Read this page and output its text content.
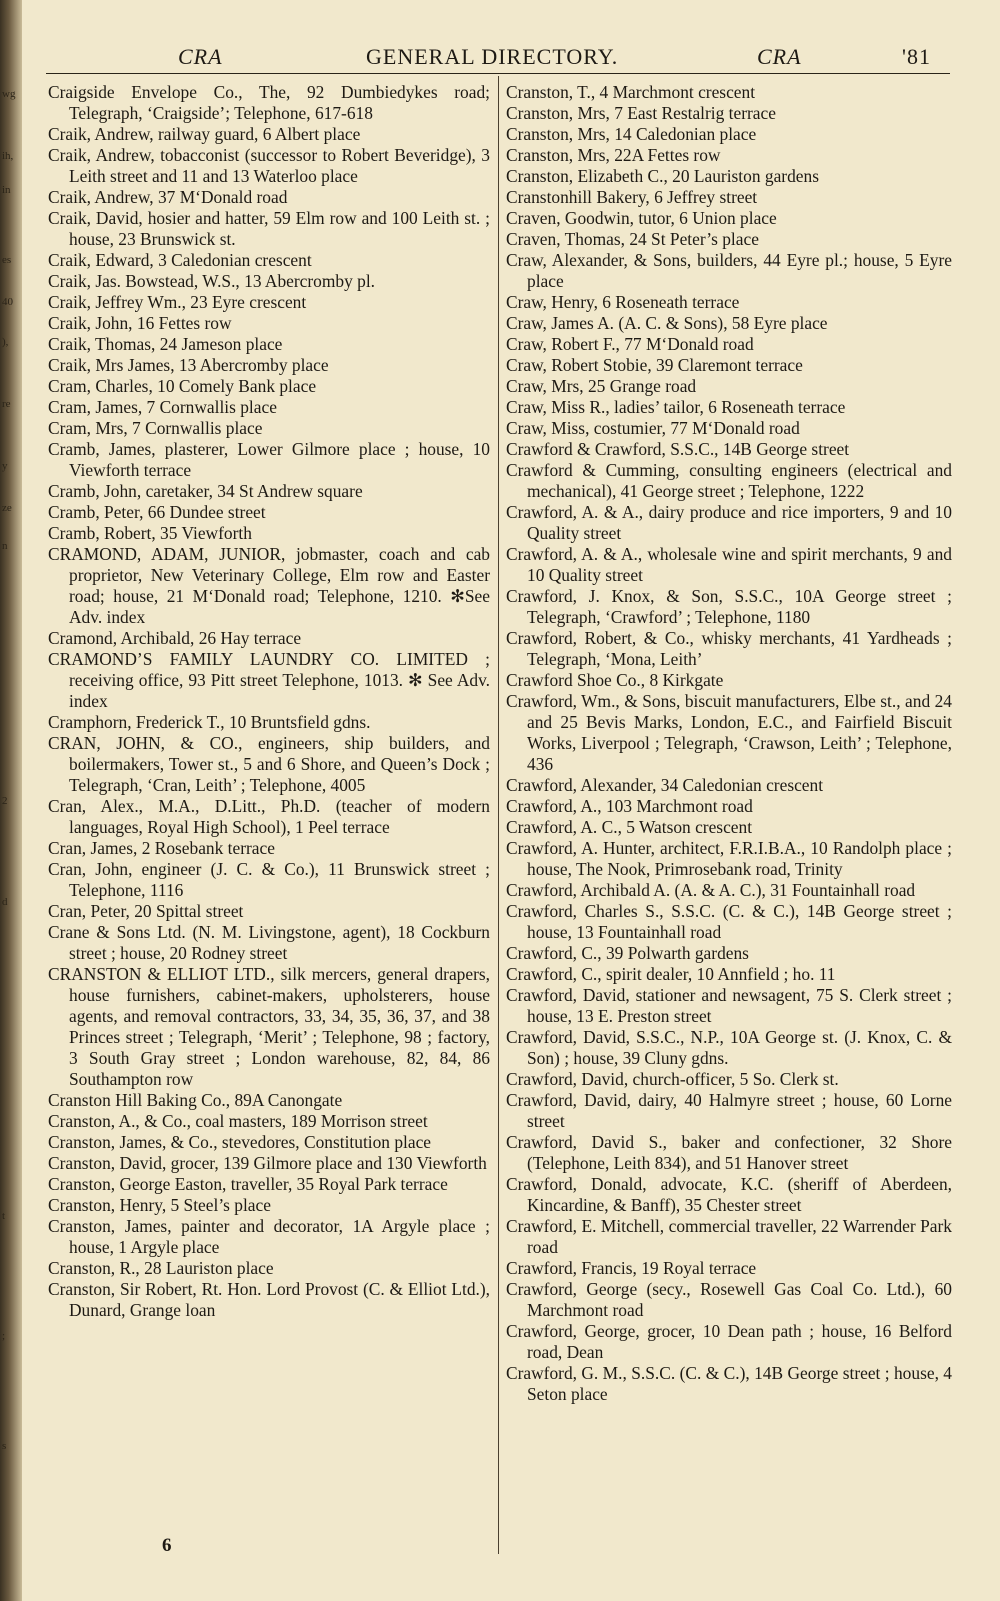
wg
ih,
in
es
40
),
re
y
ze
n
2
d
t
;
s
CRA	GENERAL DIRECTORY.	CRA	'81

Craigside Envelope Co., The, 92 Dumbiedykes road; Telegraph, ‘Craigside’; Telephone, 617-618

Craik, Andrew, railway guard, 6 Albert place

Craik, Andrew, tobacconist (successor to Robert Beveridge), 3 Leith street and 11 and 13 Waterloo place

Craik, Andrew, 37 M‘Donald road

Craik, David, hosier and hatter, 59 Elm row and 100 Leith st. ; house, 23 Brunswick st.

Craik, Edward, 3 Caledonian crescent

Craik, Jas. Bowstead, W.S., 13 Abercromby pl.

Craik, Jeffrey Wm., 23 Eyre crescent

Craik, John, 16 Fettes row

Craik, Thomas, 24 Jameson place

Craik, Mrs James, 13 Abercromby place

Cram, Charles, 10 Comely Bank place

Cram, James, 7 Cornwallis place

Cram, Mrs, 7 Cornwallis place

Cramb, James, plasterer, Lower Gilmore place ; house, 10 Viewforth terrace

Cramb, John, caretaker, 34 St Andrew square

Cramb, Peter, 66 Dundee street

Cramb, Robert, 35 Viewforth

CRAMOND, ADAM, JUNIOR, jobmaster, coach and cab proprietor, New Veterinary College, Elm row and Easter road; house, 21 M‘Donald road; Telephone, 1210. ✻See Adv. index

Cramond, Archibald, 26 Hay terrace

CRAMOND’S FAMILY LAUNDRY CO. LIMITED ; receiving office, 93 Pitt street Telephone, 1013. ✻ See Adv. index

Cramphorn, Frederick T., 10 Bruntsfield gdns.

CRAN, JOHN, & CO., engineers, ship builders, and boilermakers, Tower st., 5 and 6 Shore, and Queen’s Dock ; Telegraph, ‘Cran, Leith’ ; Telephone, 4005

Cran, Alex., M.A., D.Litt., Ph.D. (teacher of modern languages, Royal High School), 1 Peel terrace

Cran, James, 2 Rosebank terrace

Cran, John, engineer (J. C. & Co.), 11 Brunswick street ; Telephone, 1116

Cran, Peter, 20 Spittal street

Crane & Sons Ltd. (N. M. Livingstone, agent), 18 Cockburn street ; house, 20 Rodney street

CRANSTON & ELLIOT LTD., silk mercers, general drapers, house furnishers, cabinet-makers, upholsterers, house agents, and removal contractors, 33, 34, 35, 36, 37, and 38 Princes street ; Telegraph, ‘Merit’ ; Telephone, 98 ; factory, 3 South Gray street ; London warehouse, 82, 84, 86 Southampton row

Cranston Hill Baking Co., 89A Canongate

Cranston, A., & Co., coal masters, 189 Morrison street

Cranston, James, & Co., stevedores, Constitution place

Cranston, David, grocer, 139 Gilmore place and 130 Viewforth

Cranston, George Easton, traveller, 35 Royal Park terrace

Cranston, Henry, 5 Steel’s place

Cranston, James, painter and decorator, 1A Argyle place ; house, 1 Argyle place

Cranston, R., 28 Lauriston place

Cranston, Sir Robert, Rt. Hon. Lord Provost (C. & Elliot Ltd.), Dunard, Grange loan

Cranston, T., 4 Marchmont crescent

Cranston, Mrs, 7 East Restalrig terrace

Cranston, Mrs, 14 Caledonian place

Cranston, Mrs, 22A Fettes row

Cranston, Elizabeth C., 20 Lauriston gardens

Cranstonhill Bakery, 6 Jeffrey street

Craven, Goodwin, tutor, 6 Union place

Craven, Thomas, 24 St Peter’s place

Craw, Alexander, & Sons, builders, 44 Eyre pl.; house, 5 Eyre place

Craw, Henry, 6 Roseneath terrace

Craw, James A. (A. C. & Sons), 58 Eyre place

Craw, Robert F., 77 M‘Donald road

Craw, Robert Stobie, 39 Claremont terrace

Craw, Mrs, 25 Grange road

Craw, Miss R., ladies’ tailor, 6 Roseneath terrace

Craw, Miss, costumier, 77 M‘Donald road

Crawford & Crawford, S.S.C., 14B George street

Crawford & Cumming, consulting engineers (electrical and mechanical), 41 George street ; Telephone, 1222

Crawford, A. & A., dairy produce and rice importers, 9 and 10 Quality street

Crawford, A. & A., wholesale wine and spirit merchants, 9 and 10 Quality street

Crawford, J. Knox, & Son, S.S.C., 10A George street ; Telegraph, ‘Crawford’ ; Telephone, 1180

Crawford, Robert, & Co., whisky merchants, 41 Yardheads ; Telegraph, ‘Mona, Leith’

Crawford Shoe Co., 8 Kirkgate

Crawford, Wm., & Sons, biscuit manufacturers, Elbe st., and 24 and 25 Bevis Marks, London, E.C., and Fairfield Biscuit Works, Liverpool ; Telegraph, ‘Crawson, Leith’ ; Telephone, 436

Crawford, Alexander, 34 Caledonian crescent

Crawford, A., 103 Marchmont road

Crawford, A. C., 5 Watson crescent

Crawford, A. Hunter, architect, F.R.I.B.A., 10 Randolph place ; house, The Nook, Primrosebank road, Trinity

Crawford, Archibald A. (A. & A. C.), 31 Fountainhall road

Crawford, Charles S., S.S.C. (C. & C.), 14B George street ; house, 13 Fountainhall road

Crawford, C., 39 Polwarth gardens

Crawford, C., spirit dealer, 10 Annfield ; ho. 11

Crawford, David, stationer and newsagent, 75 S. Clerk street ; house, 13 E. Preston street

Crawford, David, S.S.C., N.P., 10A George st. (J. Knox, C. & Son) ; house, 39 Cluny gdns.

Crawford, David, church-officer, 5 So. Clerk st.

Crawford, David, dairy, 40 Halmyre street ; house, 60 Lorne street

Crawford, David S., baker and confectioner, 32 Shore (Telephone, Leith 834), and 51 Hanover street

Crawford, Donald, advocate, K.C. (sheriff of Aberdeen, Kincardine, & Banff), 35 Chester street

Crawford, E. Mitchell, commercial traveller, 22 Warrender Park road

Crawford, Francis, 19 Royal terrace

Crawford, George (secy., Rosewell Gas Coal Co. Ltd.), 60 Marchmont road

Crawford, George, grocer, 10 Dean path ; house, 16 Belford road, Dean

Crawford, G. M., S.S.C. (C. & C.), 14B George street ; house, 4 Seton place

6
